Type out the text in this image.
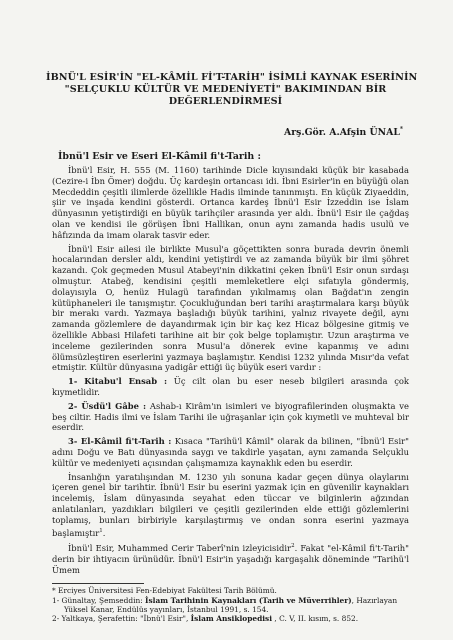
İBNÜ'L ESİR'İN "EL-KÂMİL Fİ'T-TARİH" İSİMLİ KAYNAK ESERİNİN
"SELÇUKLU KÜLTÜR VE MEDENİYETİ" BAKIMINDAN BİR
DEĞERLENDİRMESİ
Arş.Gör. A.Afşin ÜNAL*
İbnü'l Esir ve Eseri El-Kâmil fi't-Tarih :

İbnü'l Esir, H. 555 (M. 1160) tarihinde Dicle kıyısındaki küçük bir kasabada (Cezire-i İbn Ömer) doğdu. Üç kardeşin ortancası idi. İbni Esirler'in en büyüğü olan Mecdeddin çeşitli ilimlerde özellikle Hadis ilminde tanınmıştı. En küçük Ziyaeddin, şiir ve inşada kendini gösterdi. Ortanca kardeş İbnü'l Esir İzzeddin ise İslam dünyasının yetiştirdiği en büyük tarihçiler arasında yer aldı. İbnü'l Esir ile çağdaş olan ve kendisi ile görüşen İbni Hallikan, onun aynı zamanda hadis usulü ve hâfızında da imam olarak tasvir eder.

İbnü'l Esir ailesi ile birlikte Musul'a göçettikten sonra burada devrin önemli hocalarından dersler aldı, kendini yetiştirdi ve az zamanda büyük bir ilmi şöhret kazandı. Çok geçmeden Musul Atabeyi'nin dikkatini çeken İbnü'l Esir onun sırdaşı olmuştur. Atabeğ, kendisini çeşitli memleketlere elçi sıfatıyla göndermiş, dolayısıyla O, henüz Hulagü tarafından yıkılmamış olan Bağdat'ın zengin kütüphaneleri ile tanışmıştır. Çocukluğundan beri tarihi araştırmalara karşı büyük bir merakı vardı. Yazmaya başladığı büyük tarihini, yalnız rivayete değil, aynı zamanda gözlemlere de dayandırmak için bir kaç kez Hicaz bölgesine gitmiş ve özellikle Abbasi Hilafeti tarihine ait bir çok belge toplamıştır. Uzun araştırma ve inceleme gezilerinden sonra Musul'a dönerek evine kapanmış ve adını ölümsüzleştiren eserlerini yazmaya başlamıştır. Kendisi 1232 yılında Mısır'da vefat etmiştir. Kültür dünyasına yadigâr ettiği üç büyük eseri vardır :

1- Kitabu'l Ensab : Üç cilt olan bu eser neseb bilgileri arasında çok kıymetlidir.

2- Üsdü'l Gâbe : Ashab-ı Kirâm'ın isimleri ve biyografilerinden oluşmakta ve beş ciltir. Hadis ilmi ve İslam Tarihi ile uğraşanlar için çok kıymetli ve muhteval bir eserdir.

3- El-Kâmil fi't-Tarih : Kısaca "Tarihü'l Kâmil" olarak da bilinen, "İbnü'l Esir" adını Doğu ve Batı dünyasında saygı ve takdirle yaşatan, aynı zamanda Selçuklu kültür ve medeniyeti açısından çalışmamıza kaynaklık eden bu eserdir.

İnsanlığın yaratılışından M. 1230 yılı sonuna kadar geçen dünya olaylarını içeren genel bir tarihtir. İbnü'l Esir bu eserini yazmak için en güvenilir kaynakları incelemiş, İslam dünyasında seyahat eden tüccar ve bilginlerin ağzından anlatılanları, yazdıkları bilgileri ve çeşitli gezilerinden elde ettiği gözlemlerini toplamış, bunları birbiriyle karşılaştırmış ve ondan sonra eserini yazmaya başlamıştır$^1$.

İbnü'l Esir, Muhammed Cerir Taberî'nin izleyicisidir$^2$. Fakat "el-Kâmil fi't-Tarih" derin bir ihtiyacın ürünüdür. İbnü'l Esir'in yaşadığı kargaşalık döneminde "Tarihü'l Ümem

* Erciyes Üniversitesi Fen-Edebiyat Fakültesi Tarih Bölümü.

1- Günaltay, Şemseddin: İslam Tarihinin Kaynakları (Tarih ve Müverrihler), Hazırlayan Yüksel Kanar, Endülüs yayınları, İstanbul 1991, s. 154.

2- Yaltkaya, Şerafettin: "İbnü'l Esir", İslam Ansiklopedisi , C. V, II. kısım, s. 852.
